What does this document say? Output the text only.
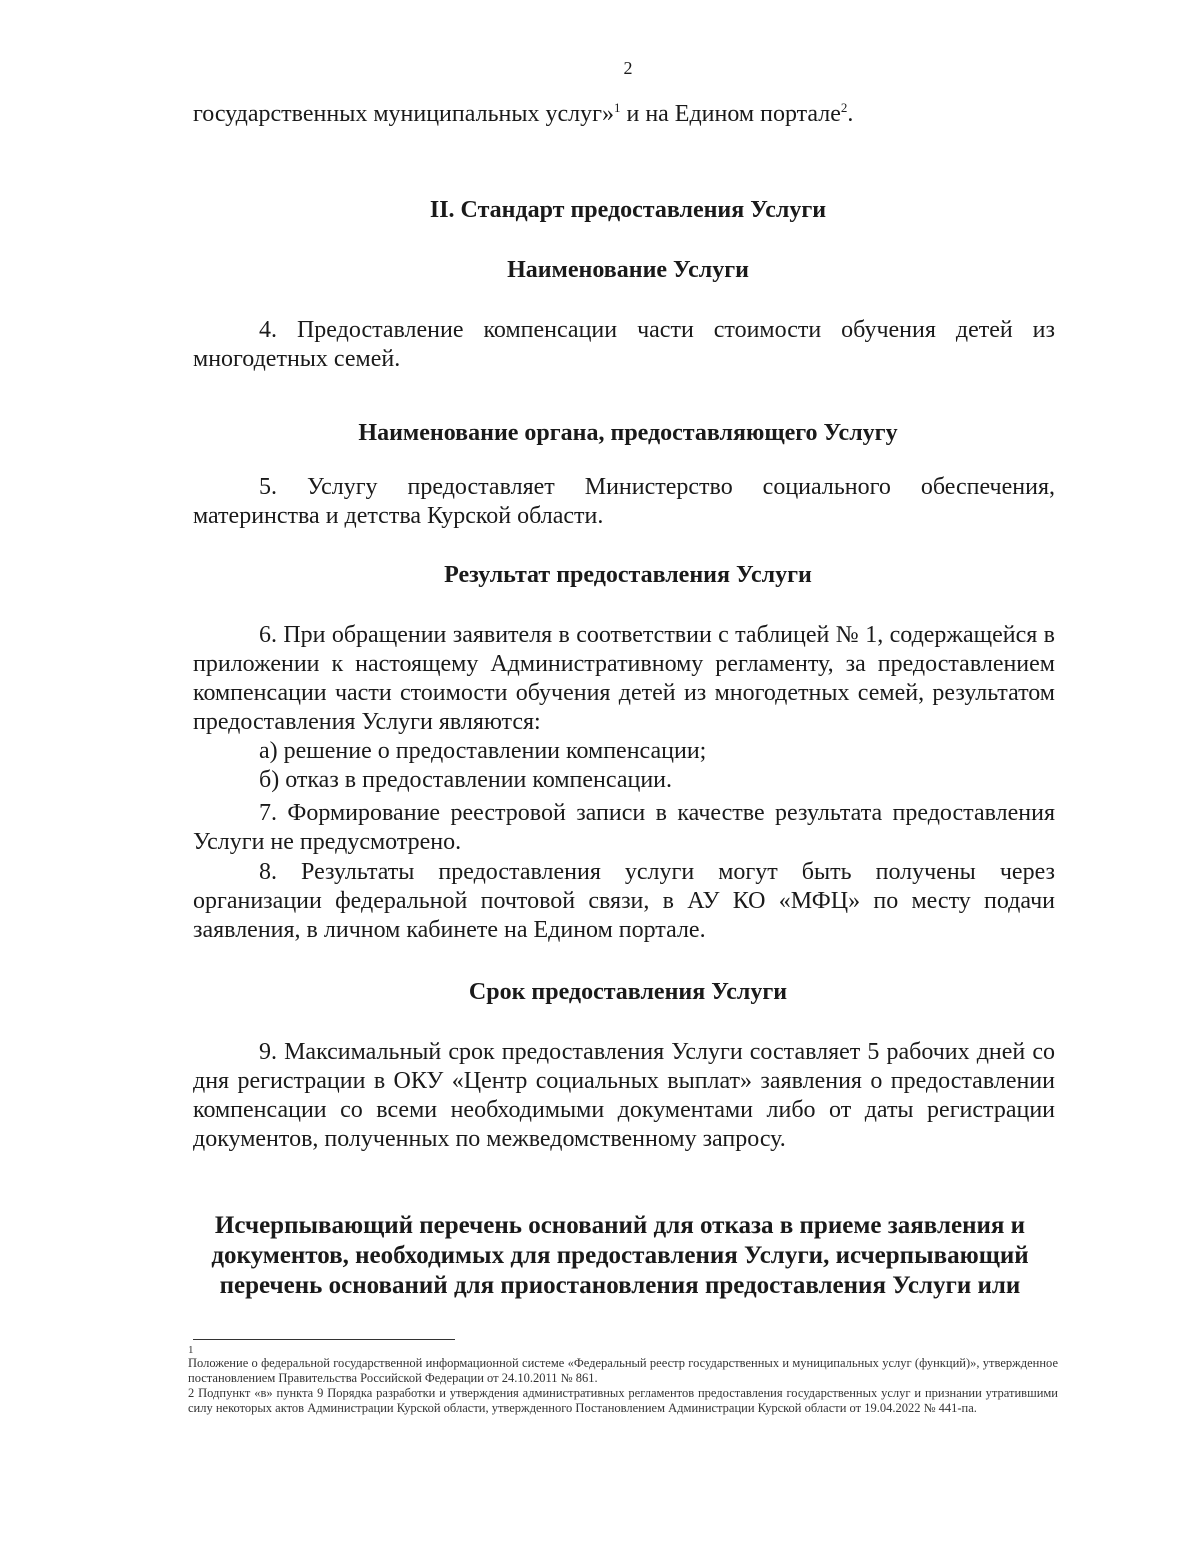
2
государственных муниципальных услуг»$^1$ и на Едином портале$^2$.
II. Стандарт предоставления Услуги
Наименование Услуги
4. Предоставление компенсации части стоимости обучения детей из многодетных семей.
Наименование органа, предоставляющего Услугу
5. Услугу предоставляет Министерство социального обеспечения, материнства и детства Курской области.
Результат предоставления Услуги
6. При обращении заявителя в соответствии с таблицей № 1, содержащейся в приложении к настоящему Административному регламенту, за предоставлением компенсации части стоимости обучения детей из многодетных семей, результатом предоставления Услуги являются:
а) решение о предоставлении компенсации;
б) отказ в предоставлении компенсации.
7. Формирование реестровой записи в качестве результата предоставления Услуги не предусмотрено.
8. Результаты предоставления услуги могут быть получены через организации федеральной почтовой связи, в АУ КО «МФЦ» по месту подачи заявления, в личном кабинете на Едином портале.
Срок предоставления Услуги
9. Максимальный срок предоставления Услуги составляет 5 рабочих дней со дня регистрации в ОКУ «Центр социальных выплат» заявления о предоставлении компенсации со всеми необходимыми документами либо от даты регистрации документов, полученных по межведомственному запросу.
Исчерпывающий перечень оснований для отказа в приеме заявления и
документов, необходимых для предоставления Услуги, исчерпывающий
перечень оснований для приостановления предоставления Услуги или
1

Положение о федеральной государственной информационной системе «Федеральный реестр государственных и муниципальных услуг (функций)», утвержденное постановлением Правительства Российской Федерации от 24.10.2011 № 861.

2 Подпункт «в» пункта 9 Порядка разработки и утверждения административных регламентов предоставления государственных услуг и признании утратившими силу некоторых актов Администрации Курской области, утвержденного Постановлением Администрации Курской области от 19.04.2022 № 441-па.
